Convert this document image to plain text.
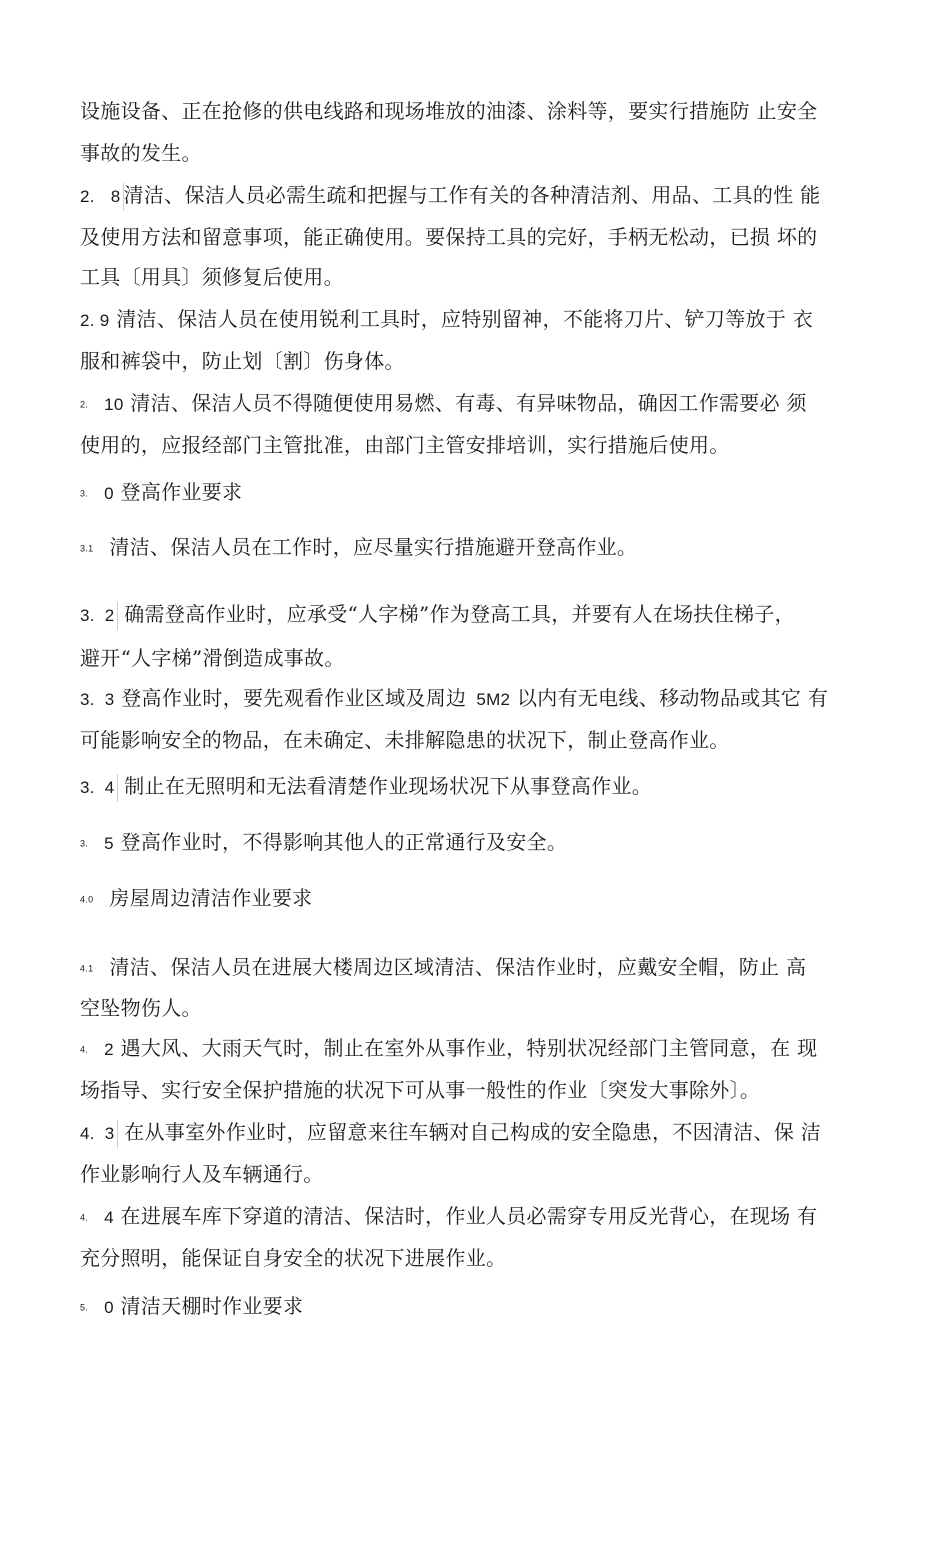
设施设备、正在抢修的供电线路和现场堆放的油漆、涂料等，要实行措施防 止安全
事故的发生。
2. 8 清洁、保洁人员必需生疏和把握与工作有关的各种清洁剂、用品、工具的性 能
及使用方法和留意事项，能正确使用。要保持工具的完好，手柄无松动，已损 坏的
工具〔用具〕须修复后使用。
2. 9 清洁、保洁人员在使用锐利工具时，应特别留神，不能将刀片、铲刀等放于 衣
服和裤袋中，防止划〔割〕伤身体。
2. 10 清洁、保洁人员不得随便使用易燃、有毒、有异味物品，确因工作需要必 须
使用的，应报经部门主管批准，由部门主管安排培训，实行措施后使用。
3. 0 登高作业要求
3.1 清洁、保洁人员在工作时，应尽量实行措施避开登高作业。
3. 2 确需登高作业时，应承受“人字梯”作为登高工具，并要有人在场扶住梯子，
避开“人字梯”滑倒造成事故。
3. 3 登高作业时，要先观看作业区域及周边 5M2 以内有无电线、移动物品或其它 有
可能影响安全的物品，在未确定、未排解隐患的状况下，制止登高作业。
3. 4 制止在无照明和无法看清楚作业现场状况下从事登高作业。
3. 5 登高作业时，不得影响其他人的正常通行及安全。
4.0 房屋周边清洁作业要求
4.1 清洁、保洁人员在进展大楼周边区域清洁、保洁作业时，应戴安全帽，防止 高
空坠物伤人。
4. 2 遇大风、大雨天气时，制止在室外从事作业，特别状况经部门主管同意，在 现
场指导、实行安全保护措施的状况下可从事一般性的作业〔突发大事除外〕。
4. 3 在从事室外作业时，应留意来往车辆对自己构成的安全隐患，不因清洁、保 洁
作业影响行人及车辆通行。
4. 4 在进展车库下穿道的清洁、保洁时，作业人员必需穿专用反光背心，在现场 有
充分照明，能保证自身安全的状况下进展作业。
5. 0 清洁天棚时作业要求
